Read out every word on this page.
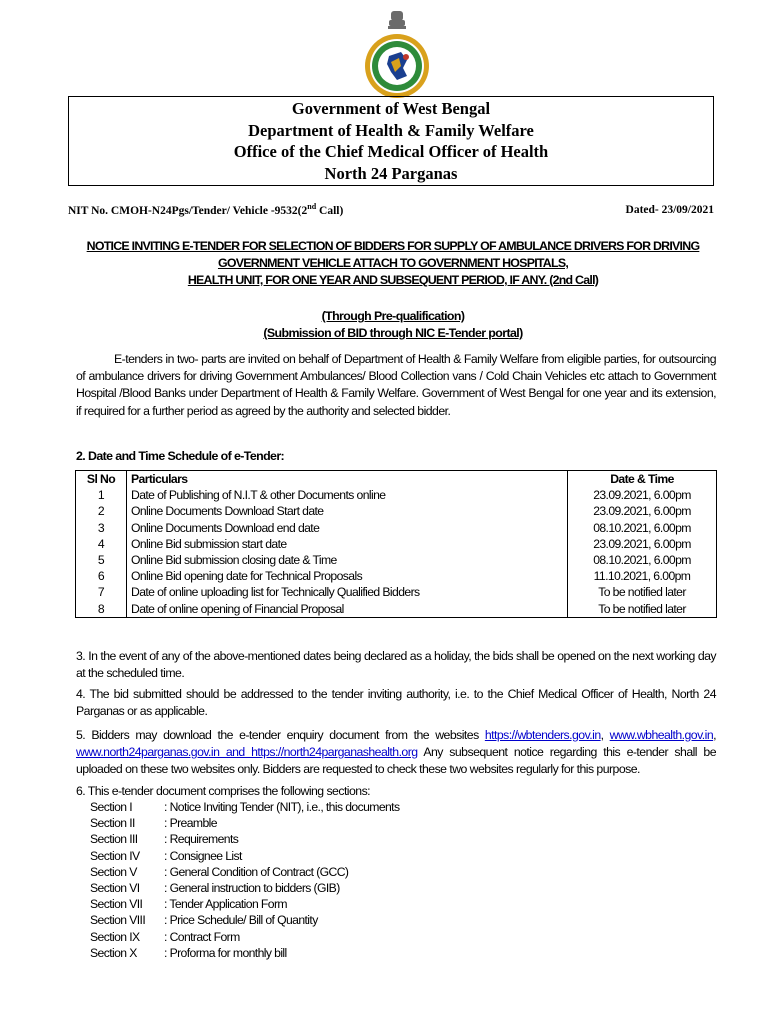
Government of West Bengal
Department of Health & Family Welfare
Office of the Chief Medical Officer of Health
North 24 Parganas
NIT No. CMOH-N24Pgs/Tender/ Vehicle -9532(2nd Call)	Dated- 23/09/2021
NOTICE INVITING E-TENDER FOR SELECTION OF BIDDERS FOR SUPPLY OF AMBULANCE DRIVERS FOR DRIVING
GOVERNMENT VEHICLE ATTACH TO GOVERNMENT HOSPITALS,
HEALTH UNIT, FOR ONE YEAR AND SUBSEQUENT PERIOD, IF ANY. (2nd Call)
(Through Pre-qualification)
(Submission of BID through NIC E-Tender portal)
E-tenders in two- parts are invited on behalf of Department of Health & Family Welfare from eligible parties, for outsourcing of ambulance drivers for driving Government Ambulances/ Blood Collection vans / Cold Chain Vehicles etc attach to Government Hospital /Blood Banks under Department of Health & Family Welfare. Government of West Bengal for one year and its extension, if required for a further period as agreed by the authority and selected bidder.
2. Date and Time Schedule of e-Tender:
Sl No	Particulars	Date & Time
1	Date of Publishing of N.I.T & other Documents online	23.09.2021, 6.00pm
2	Online Documents Download Start date	23.09.2021, 6.00pm
3	Online Documents Download end date	08.10.2021, 6.00pm
4	Online Bid submission start date	23.09.2021, 6.00pm
5	Online Bid submission closing date & Time	08.10.2021, 6.00pm
6	Online Bid opening date for Technical Proposals	11.10.2021, 6.00pm
7	Date of online uploading list for Technically Qualified Bidders	To be notified later
8	Date of online opening of Financial Proposal	To be notified later
3. In the event of any of the above-mentioned dates being declared as a holiday, the bids shall be opened on the next working day at the scheduled time.
4. The bid submitted should be addressed to the tender inviting authority, i.e. to the Chief Medical Officer of Health, North 24 Parganas or as applicable.
5. Bidders may download the e-tender enquiry document from the websites https://wbtenders.gov.in, www.wbhealth.gov.in, www.north24parganas.gov.in and https://north24parganashealth.org Any subsequent notice regarding this e-tender shall be uploaded on these two websites only. Bidders are requested to check these two websites regularly for this purpose.
6. This e-tender document comprises the following sections:
Section I	: Notice Inviting Tender (NIT), i.e., this documents
Section II	: Preamble
Section III	: Requirements
Section IV	: Consignee List
Section V	: General Condition of Contract (GCC)
Section VI	: General instruction to bidders (GIB)
Section VII	: Tender Application Form
Section VIII	: Price Schedule/ Bill of Quantity
Section IX	: Contract Form
Section X	: Proforma for monthly bill
